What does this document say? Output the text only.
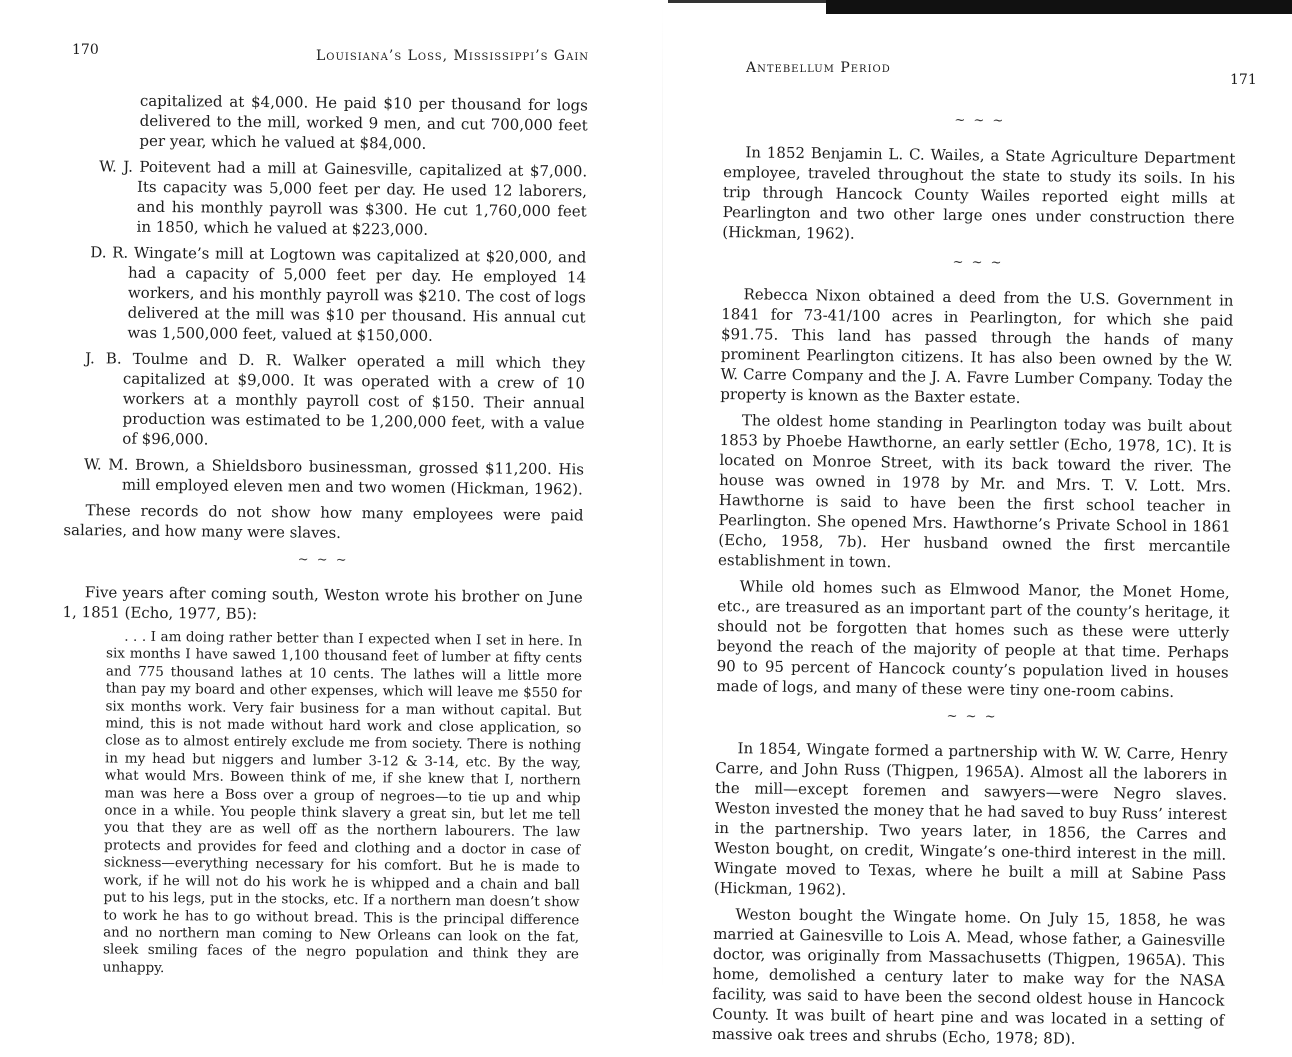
170	Louisiana’s Loss, Mississippi’s Gain

capitalized at $4,000. He paid $10 per thousand for logs delivered to the mill, worked 9 men, and cut 700,000 feet per year, which he valued at $84,000.

W. J. Poitevent had a mill at Gainesville, capitalized at $7,000. Its capacity was 5,000 feet per day. He used 12 laborers, and his monthly payroll was $300. He cut 1,760,000 feet in 1850, which he valued at $223,000.

D. R. Wingate’s mill at Logtown was capitalized at $20,000, and had a capacity of 5,000 feet per day. He employed 14 workers, and his monthly payroll was $210. The cost of logs delivered at the mill was $10 per thousand. His annual cut was 1,500,000 feet, valued at $150,000.

J. B. Toulme and D. R. Walker operated a mill which they capitalized at $9,000. It was operated with a crew of 10 workers at a monthly payroll cost of $150. Their annual production was estimated to be 1,200,000 feet, with a value of $96,000.

W. M. Brown, a Shieldsboro businessman, grossed $11,200. His mill employed eleven men and two women (Hickman, 1962).

These records do not show how many employees were paid salaries, and how many were slaves.

~ ~ ~

Five years after coming south, Weston wrote his brother on June 1, 1851 (Echo, 1977, B5):

. . . I am doing rather better than I expected when I set in here. In six months I have sawed 1,100 thousand feet of lumber at fifty cents and 775 thousand lathes at 10 cents. The lathes will a little more than pay my board and other expenses, which will leave me $550 for six months work. Very fair business for a man without capital. But mind, this is not made without hard work and close application, so close as to almost entirely exclude me from society. There is nothing in my head but niggers and lumber 3-12 & 3-14, etc. By the way, what would Mrs. Boween think of me, if she knew that I, northern man was here a Boss over a group of negroes—to tie up and whip once in a while. You people think slavery a great sin, but let me tell you that they are as well off as the northern labourers. The law protects and provides for feed and clothing and a doctor in case of sickness—everything necessary for his comfort. But he is made to work, if he will not do his work he is whipped and a chain and ball put to his legs, put in the stocks, etc. If a northern man doesn’t show to work he has to go without bread. This is the principal difference and no northern man coming to New Orleans can look on the fat, sleek smiling faces of the negro population and think they are unhappy.

Antebellum Period
171

~ ~ ~

In 1852 Benjamin L. C. Wailes, a State Agriculture Department employee, traveled throughout the state to study its soils. In his trip through Hancock County Wailes reported eight mills at Pearlington and two other large ones under construction there (Hickman, 1962).

~ ~ ~

Rebecca Nixon obtained a deed from the U.S. Government in 1841 for 73-41/100 acres in Pearlington, for which she paid $91.75. This land has passed through the hands of many prominent Pearlington citizens. It has also been owned by the W. W. Carre Company and the J. A. Favre Lumber Company. Today the property is known as the Baxter estate.

The oldest home standing in Pearlington today was built about 1853 by Phoebe Hawthorne, an early settler (Echo, 1978, 1C). It is located on Monroe Street, with its back toward the river. The house was owned in 1978 by Mr. and Mrs. T. V. Lott. Mrs. Hawthorne is said to have been the first school teacher in Pearlington. She opened Mrs. Hawthorne’s Private School in 1861 (Echo, 1958, 7b). Her husband owned the first mercantile establishment in town.

While old homes such as Elmwood Manor, the Monet Home, etc., are treasured as an important part of the county’s heritage, it should not be forgotten that homes such as these were utterly beyond the reach of the majority of people at that time. Perhaps 90 to 95 percent of Hancock county’s population lived in houses made of logs, and many of these were tiny one-room cabins.

~ ~ ~

In 1854, Wingate formed a partnership with W. W. Carre, Henry Carre, and John Russ (Thigpen, 1965A). Almost all the laborers in the mill—except foremen and sawyers—were Negro slaves. Weston invested the money that he had saved to buy Russ’ interest in the partnership. Two years later, in 1856, the Carres and Weston bought, on credit, Wingate’s one-third interest in the mill. Wingate moved to Texas, where he built a mill at Sabine Pass (Hickman, 1962).

Weston bought the Wingate home. On July 15, 1858, he was married at Gainesville to Lois A. Mead, whose father, a Gainesville doctor, was originally from Massachusetts (Thigpen, 1965A). This home, demolished a century later to make way for the NASA facility, was said to have been the second oldest house in Hancock County. It was built of heart pine and was located in a setting of massive oak trees and shrubs (Echo, 1978; 8D).
